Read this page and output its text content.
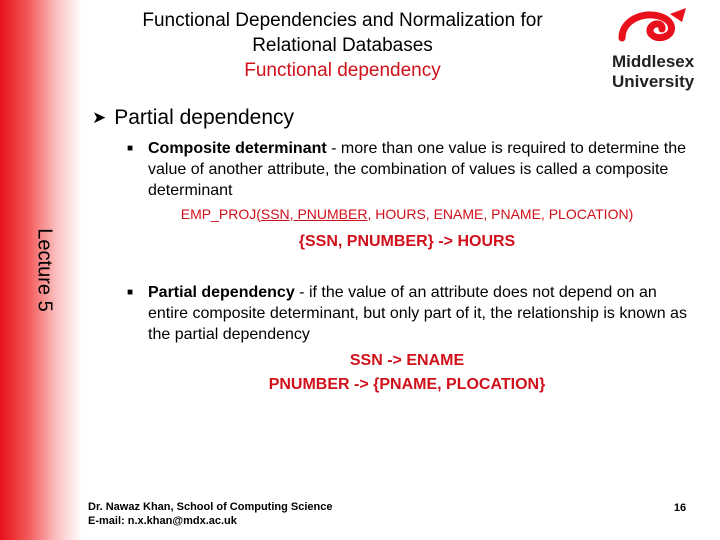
Functional Dependencies and Normalization for
Relational Databases
Functional dependency	Middlesex
University
Lecture 5
➤ Partial dependency
■ Composite determinant - more than one value is required to determine the value of another attribute, the combination of values is called a composite determinant
EMP_PROJ(SSN, PNUMBER, HOURS, ENAME, PNAME, PLOCATION)
{SSN, PNUMBER} -> HOURS
■ Partial dependency - if the value of an attribute does not depend on an entire composite determinant, but only part of it, the relationship is known as the partial dependency
SSN -> ENAME
PNUMBER -> {PNAME, PLOCATION}
Dr. Nawaz Khan, School of Computing Science
E-mail: n.x.khan@mdx.ac.uk
16
